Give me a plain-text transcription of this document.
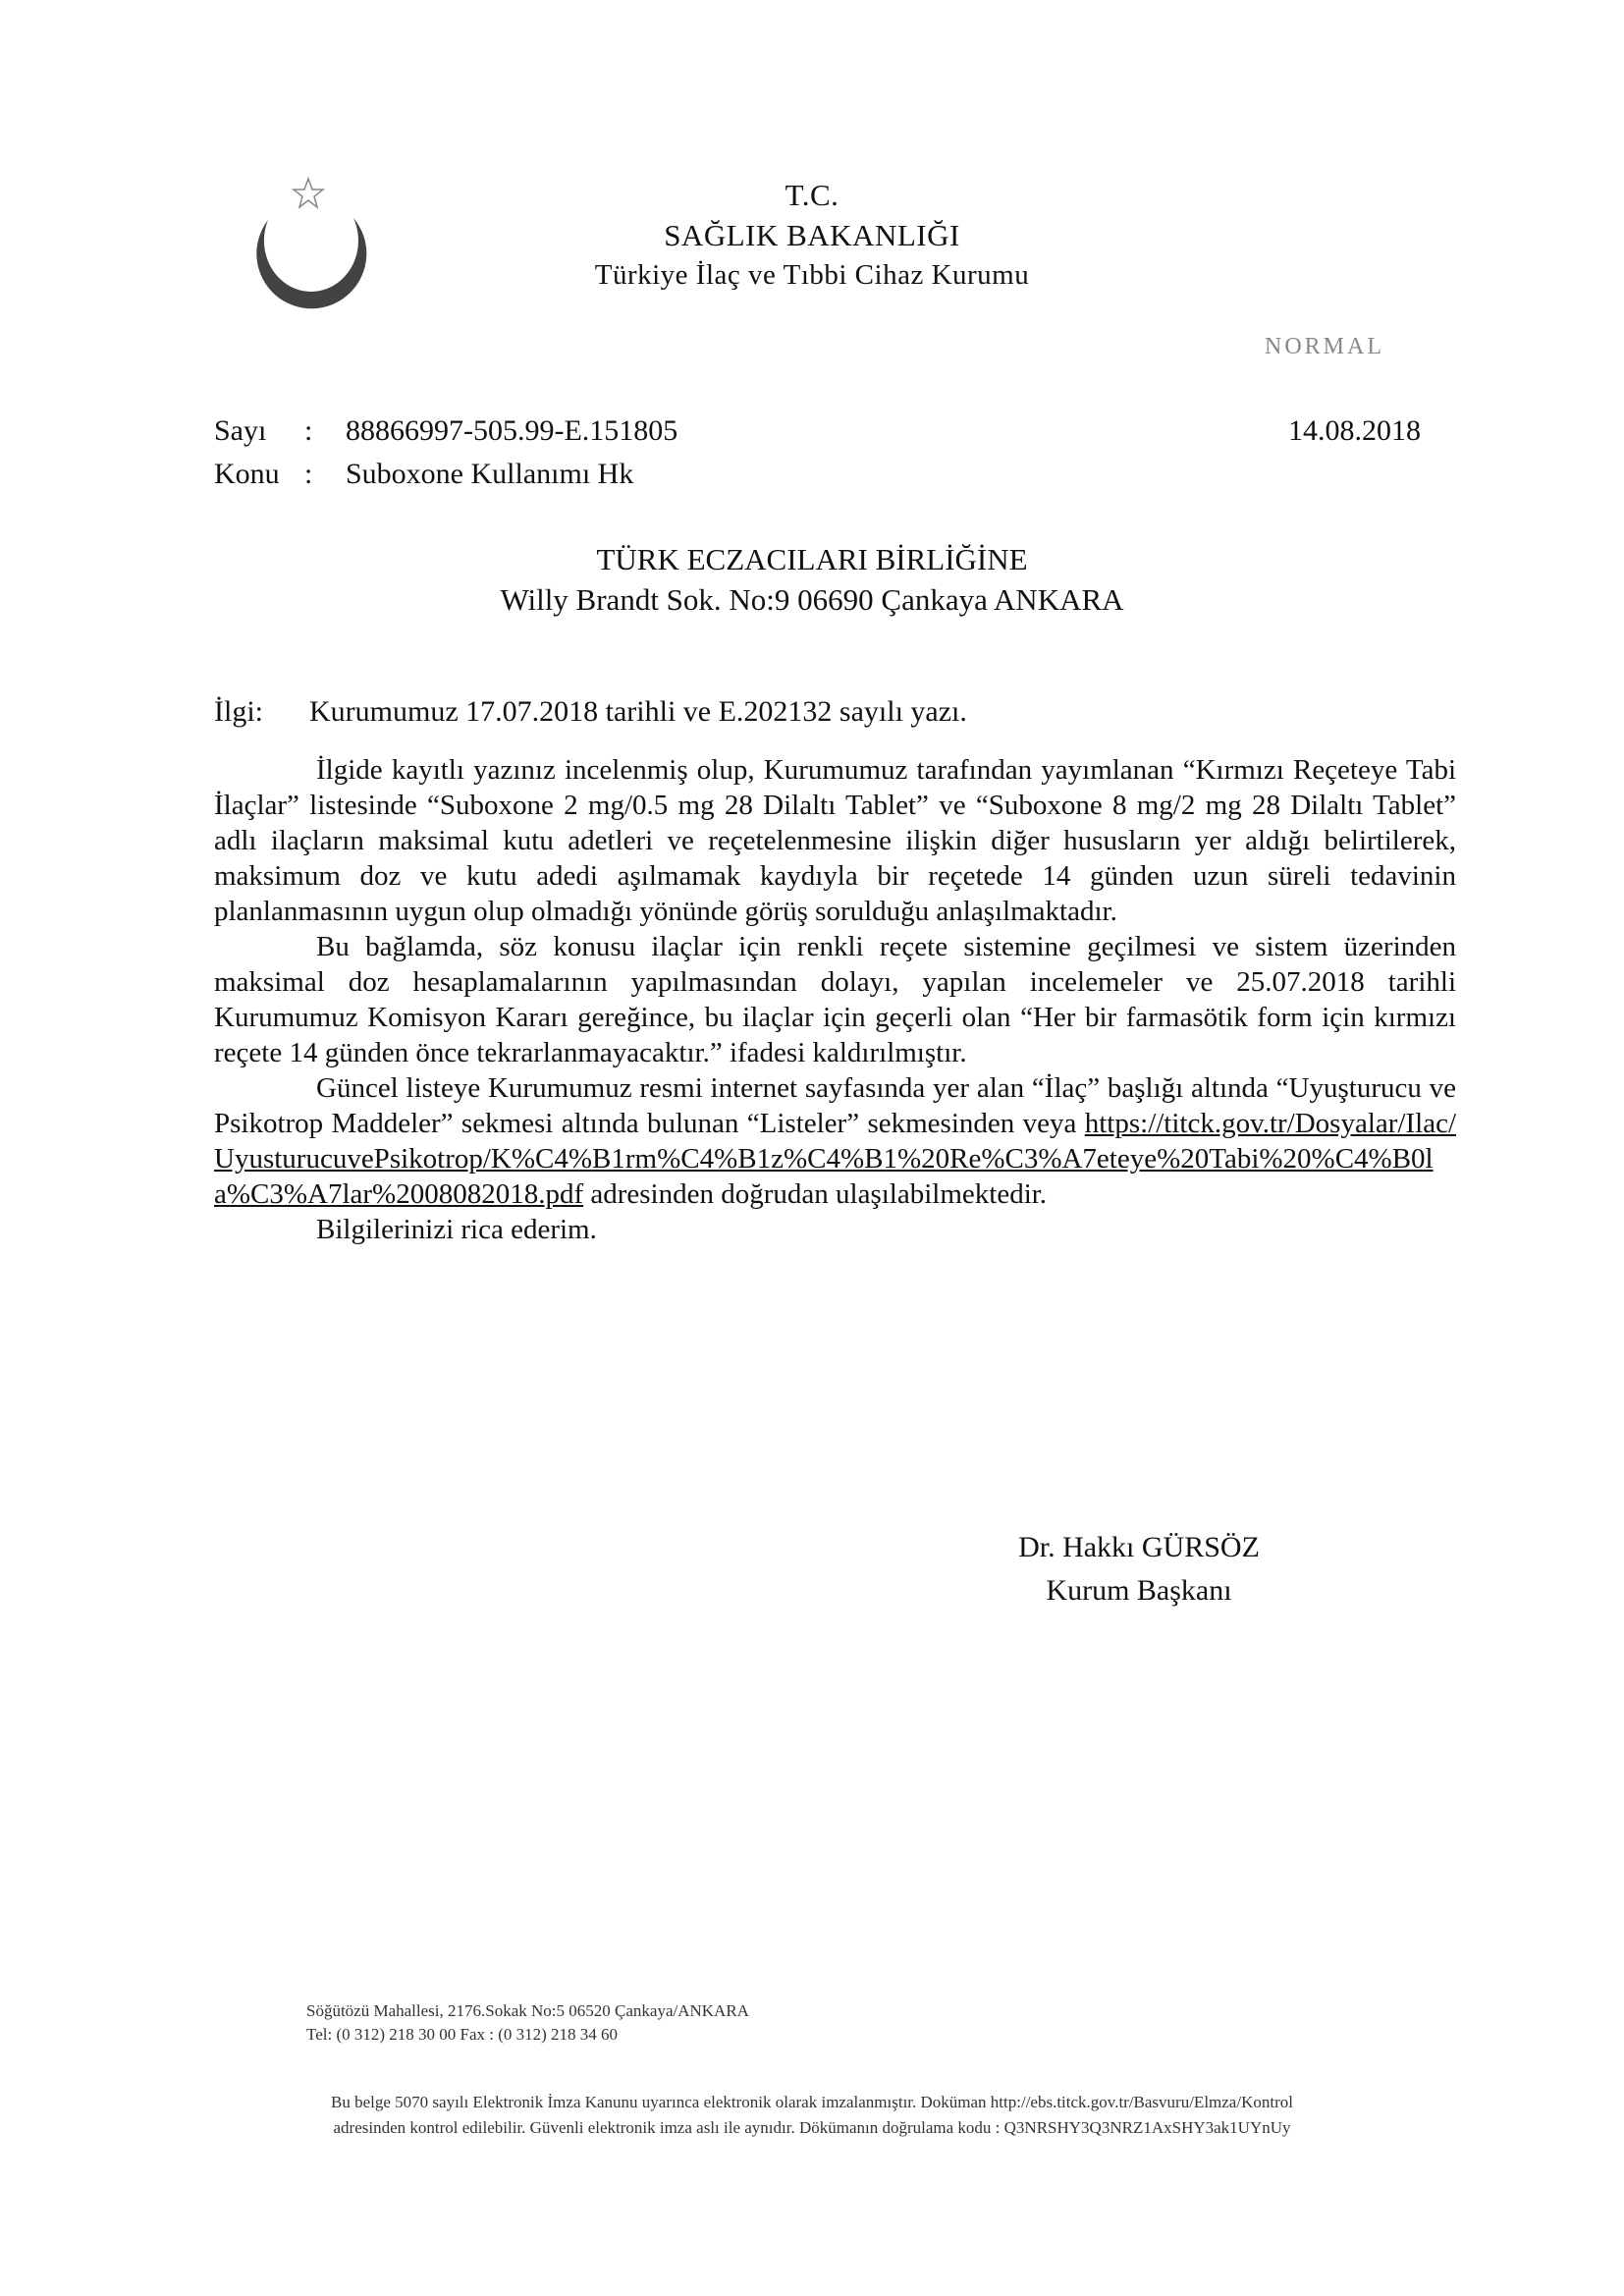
T.C.
SAĞLIK BAKANLIĞI
Türkiye İlaç ve Tıbbi Cihaz Kurumu
NORMAL
Sayı : 88866997-505.99-E.151805
Konu : Suboxone Kullanımı Hk
14.08.2018
TÜRK ECZACILARI BİRLİĞİNE
Willy Brandt Sok. No:9 06690 Çankaya ANKARA
İlgi: Kurumumuz 17.07.2018 tarihli ve E.202132 sayılı yazı.

İlgide kayıtlı yazınız incelenmiş olup, Kurumumuz tarafından yayımlanan “Kırmızı Reçeteye Tabi İlaçlar” listesinde “Suboxone 2 mg/0.5 mg 28 Dilaltı Tablet” ve “Suboxone 8 mg/2 mg 28 Dilaltı Tablet” adlı ilaçların maksimal kutu adetleri ve reçetelenmesine ilişkin diğer hususların yer aldığı belirtilerek, maksimum doz ve kutu adedi aşılmamak kaydıyla bir reçetede 14 günden uzun süreli tedavinin planlanmasının uygun olup olmadığı yönünde görüş sorulduğu anlaşılmaktadır.

Bu bağlamda, söz konusu ilaçlar için renkli reçete sistemine geçilmesi ve sistem üzerinden maksimal doz hesaplamalarının yapılmasından dolayı, yapılan incelemeler ve 25.07.2018 tarihli Kurumumuz Komisyon Kararı gereğince, bu ilaçlar için geçerli olan “Her bir farmasötik form için kırmızı reçete 14 günden önce tekrarlanmayacaktır.” ifadesi kaldırılmıştır.

Güncel listeye Kurumumuz resmi internet sayfasında yer alan “İlaç” başlığı altında “Uyuşturucu ve Psikotrop Maddeler” sekmesi altında bulunan “Listeler” sekmesinden veya https://titck.gov.tr/Dosyalar/Ilac/UyusturucuvePsikotrop/K%C4%B1rm%C4%B1z%C4%B1%20Re%C3%A7eteye%20Tabi%20%C4%B0la%C3%A7lar%2008082018.pdf adresinden doğrudan ulaşılabilmektedir.

Bilgilerinizi rica ederim.

Dr. Hakkı GÜRSÖZ
Kurum Başkanı
Söğütözü Mahallesi, 2176.Sokak No:5 06520 Çankaya/ANKARA
Tel: (0 312) 218 30 00 Fax : (0 312) 218 34 60
Bu belge 5070 sayılı Elektronik İmza Kanunu uyarınca elektronik olarak imzalanmıştır. Doküman http://ebs.titck.gov.tr/Basvuru/Elmza/Kontrol
adresinden kontrol edilebilir. Güvenli elektronik imza aslı ile aynıdır. Dökümanın doğrulama kodu : Q3NRSHY3Q3NRZ1AxSHY3ak1UYnUy
